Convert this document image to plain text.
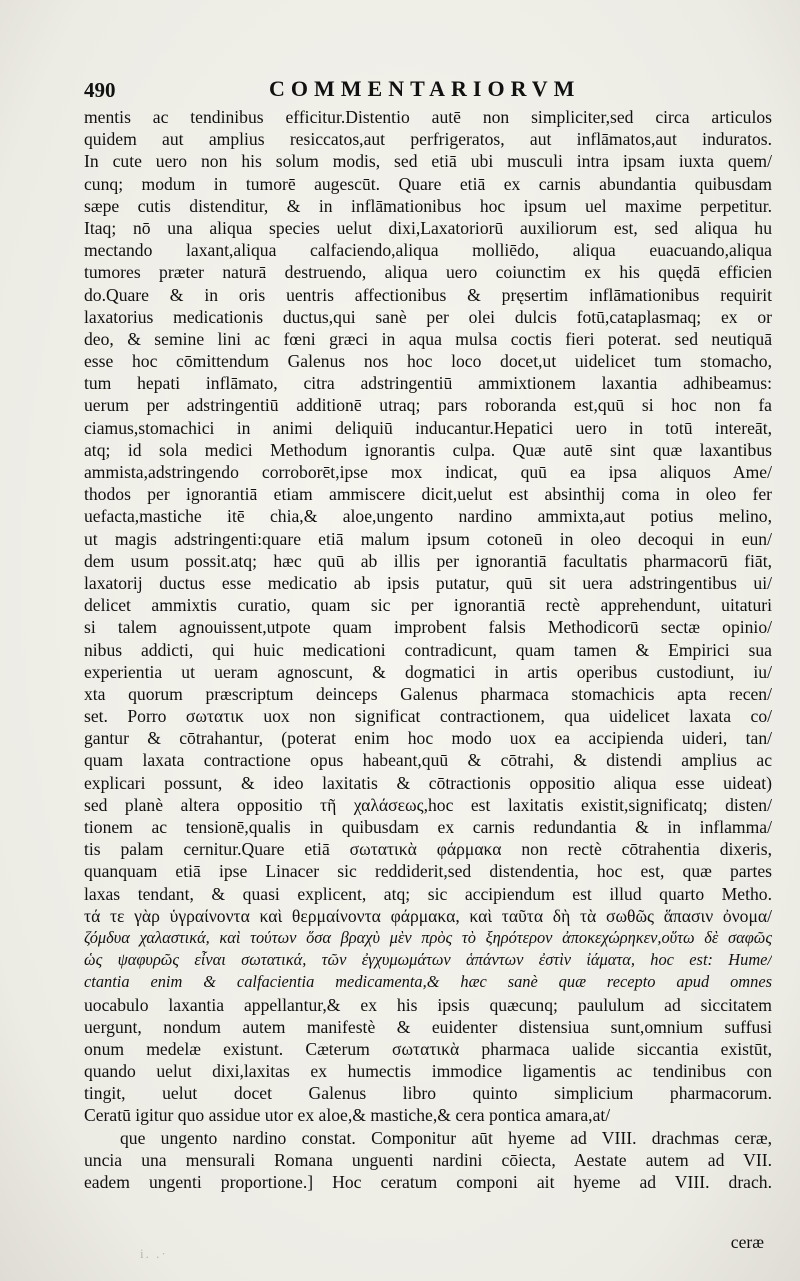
490	COMMENTARIORVM
mentis ac tendinibus efficitur.Distentio autē non simpliciter,sed circa articulos
quidem aut amplius resiccatos,aut perfrigeratos, aut inflāmatos,aut induratos.
In cute uero non his solum modis, sed etiā ubi musculi intra ipsam iuxta quem/
cunq; modum in tumorē augescūt. Quare etiā ex carnis abundantia quibusdam
sæpe cutis distenditur, & in inflāmationibus hoc ipsum uel maxime perpetitur.
Itaq; nō una aliqua species uelut dixi,Laxatoriorū auxiliorum est, sed aliqua hu
mectando laxant,aliqua calfaciendo,aliqua molliēdo, aliqua euacuando,aliqua
tumores præter naturā destruendo, aliqua uero coiunctim ex his quędā efficien
do.Quare & in oris uentris affectionibus & pręsertim inflāmationibus requirit
laxatorius medicationis ductus,qui sanè per olei dulcis fotū,cataplasmaq; ex or
deo, & semine lini ac fœni græci in aqua mulsa coctis fieri poterat. sed neutiquā
esse hoc cōmittendum Galenus nos hoc loco docet,ut uidelicet tum stomacho,
tum hepati inflāmato, citra adstringentiū ammixtionem laxantia adhibeamus:
uerum per adstringentiū additionē utraq; pars roboranda est,quū si hoc non fa
ciamus,stomachici in animi deliquiū inducantur.Hepatici uero in totū intereāt,
atq; id sola medici Methodum ignorantis culpa. Quæ autē sint quæ laxantibus
ammista,adstringendo corroborēt,ipse mox indicat, quū ea ipsa aliquos Ame/
thodos per ignorantiā etiam ammiscere dicit,uelut est absinthij coma in oleo fer
uefacta,mastiche itē chia,& aloe,ungento nardino ammixta,aut potius melino,
ut magis adstringenti:quare etiā malum ipsum cotoneū in oleo decoqui in eun/
dem usum possit.atq; hæc quū ab illis per ignorantiā facultatis pharmacorū fiāt,
laxatorij ductus esse medicatio ab ipsis putatur, quū sit uera adstringentibus ui/
delicet ammixtis curatio, quam sic per ignorantiā rectè apprehendunt, uitaturi
si talem agnouissent,utpote quam improbent falsis Methodicorū sectæ opinio/
nibus addicti, qui huic medicationi contradicunt, quam tamen & Empirici sua
experientia ut ueram agnoscunt, & dogmatici in artis operibus custodiunt, iu/
xta quorum præscriptum deinceps Galenus pharmaca stomachicis apta recen/
set. Porro σωτατικ uox non significat contractionem, qua uidelicet laxata co/
gantur & cōtrahantur, (poterat enim hoc modo uox ea accipienda uideri, tan/
quam laxata contractione opus habeant,quū & cōtrahi, & distendi amplius ac
explicari possunt, & ideo laxitatis & cōtractionis oppositio aliqua esse uideat)
sed planè altera oppositio τῆ χαλάσεως,hoc est laxitatis existit,significatq; disten/
tionem ac tensionē,qualis in quibusdam ex carnis redundantia & in inflamma/
tis palam cernitur.Quare etiā σωτατικὰ φάρμακα non rectè cōtrahentia dixeris,
quanquam etiā ipse Linacer sic reddiderit,sed distendentia, hoc est, quæ partes
laxas tendant, & quasi explicent, atq; sic accipiendum est illud quarto Metho.
τά τε γὰρ ὑγραίνοντα καὶ θερμαίνοντα φάρμακα, καὶ ταῦτα δὴ τὰ σωθῶς ἅπασιν ὀνομα/
ζόμδυα χαλαστικά, καὶ τούτων ὅσα βραχὺ μὲν πρὸς τὸ ξηρότερον ἀποκεχώρηκεν,οὕτω δὲ σαφῶς
ὡς ψαφυρῶς εἶναι σωτατικά, τῶν ἐγχυμωμάτων ἁπάντων ἐστὶν ἰάματα, hoc est: Hume/
ctantia enim & calfacientia medicamenta,& hæc sanè quæ recepto apud omnes
uocabulo laxantia appellantur,& ex his ipsis quæcunq; paululum ad siccitatem
uergunt, nondum autem manifestè & euidenter distensiua sunt,omnium suffusi
onum medelæ existunt. Cæterum σωτατικὰ pharmaca ualide siccantia existūt,
quando uelut dixi,laxitas ex humectis immodice ligamentis ac tendinibus con
tingit, uelut docet Galenus libro quinto simplicium pharmacorum.
Ceratū igitur quo assidue utor ex aloe,& mastiche,& cera pontica amara,at/
que ungento nardino constat. Componitur aūt hyeme ad VIII. drachmas ceræ,
uncia una mensurali Romana unguenti nardini cōiecta, Aestate autem ad VII.
eadem ungenti proportione.] Hoc ceratum componi ait hyeme ad VIII. drach.
ceræ
i. .·
